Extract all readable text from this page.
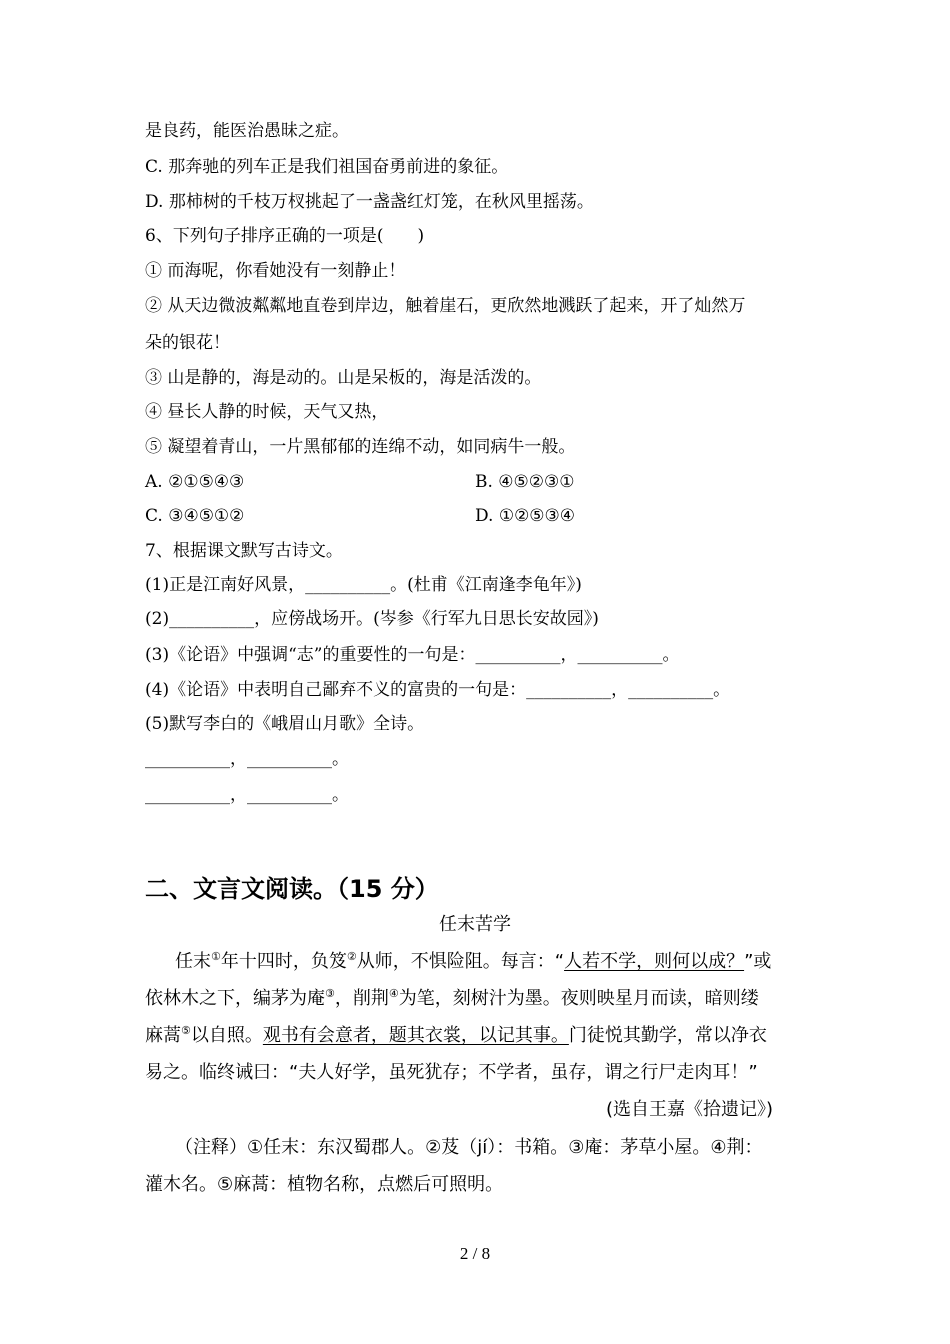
是良药，能医治愚昧之症。
C. 那奔驰的列车正是我们祖国奋勇前进的象征。
D. 那柿树的千枝万杈挑起了一盏盏红灯笼，在秋风里摇荡。
6、下列句子排序正确的一项是(　　)
① 而海呢，你看她没有一刻静止！
② 从天边微波粼粼地直卷到岸边，触着崖石，更欣然地溅跃了起来，开了灿然万
朵的银花！
③ 山是静的，海是动的。山是呆板的，海是活泼的。
④ 昼长人静的时候，天气又热，
⑤ 凝望着青山，一片黑郁郁的连绵不动，如同病牛一般。
A. ②①⑤④③	B. ④⑤②③①
C. ③④⑤①②	D. ①②⑤③④
7、根据课文默写古诗文。
(1)正是江南好风景，__________。(杜甫《江南逢李龟年》)
(2)__________，应傍战场开。(岑参《行军九日思长安故园》)
(3)《论语》中强调“志”的重要性的一句是：__________，__________。
(4)《论语》中表明自己鄙弃不义的富贵的一句是：__________，__________。
(5)默写李白的《峨眉山月歌》全诗。
__________，__________。
__________，__________。
二、文言文阅读。（15 分）
任末苦学
任末①年十四时，负笈②从师，不惧险阻。每言：“人若不学，则何以成？”或
依林木之下，编茅为庵③，削荆④为笔，刻树汁为墨。夜则映星月而读，暗则缕
麻蒿⑤以自照。观书有会意者，题其衣裳，以记其事。门徒悦其勤学，常以净衣
易之。临终诫曰：“夫人好学，虽死犹存；不学者，虽存，谓之行尸走肉耳！”
(选自王嘉《拾遗记》)
（注释）①任末：东汉蜀郡人。②芨（jí）：书箱。③庵：茅草小屋。④荆：
灌木名。⑤麻蒿：植物名称，点燃后可照明。
2 / 8
